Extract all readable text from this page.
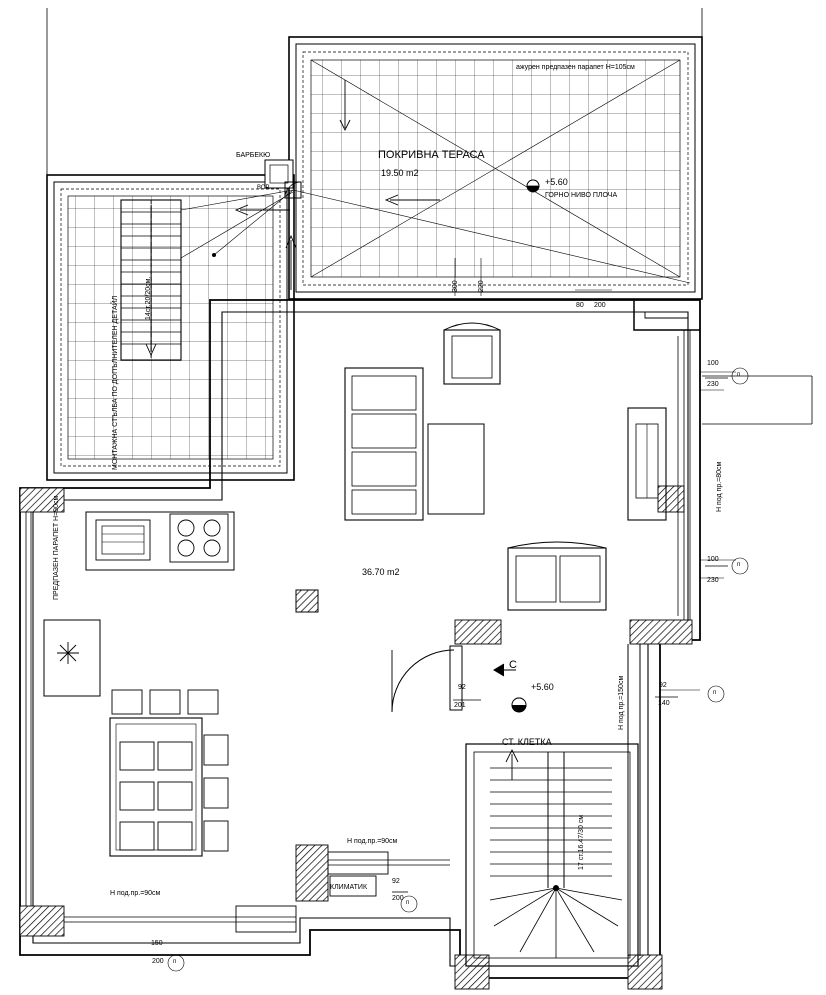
ажурен предпазен парапет H=105см
ПОКРИВНА ТЕРАСА
19.50 m2
+5.60
ГОРНО НИВО ПЛОЧА
БАРБЕКЮ
ВОР.
МОНТАЖНА СТЪЛБА ПО ДОПЪЛНИТЕЛЕН ДЕТАЙЛ	14ст.20/20см.
36.70 m2
H под пр.=80см
ПРЕДПАЗЕН ПАРАПЕТ H=90см
H под пр.=150см
H под.пр.=90см
H под.пр.=90см
КЛИМАТИК
17 ст.16.47/30 см
СТ. КЛЕТКА
C
+5.60
300	220
80 200
100
230
100
230
92
201
92
140
92
200
150
200
п
п
п
п
п
